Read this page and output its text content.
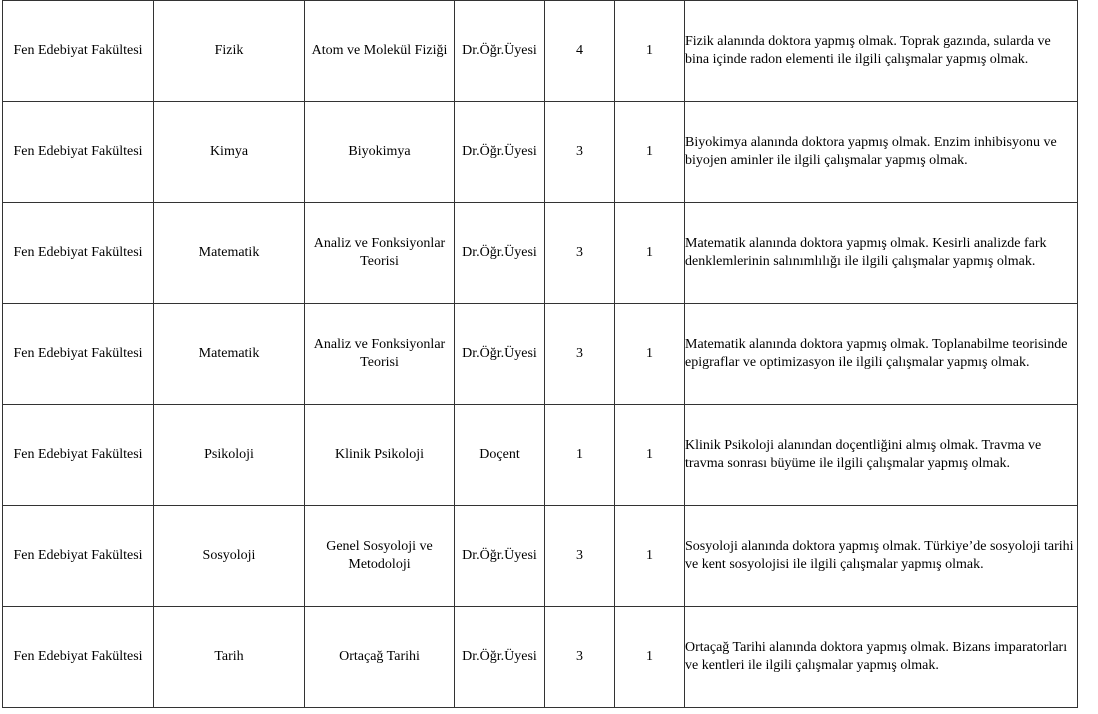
Fen Edebiyat Fakültesi	Fizik	Atom ve Molekül Fiziği	Dr.Öğr.Üyesi	4	1	Fizik alanında doktora yapmış olmak. Toprak gazında, sularda ve bina içinde radon elementi ile ilgili çalışmalar yapmış olmak.
Fen Edebiyat Fakültesi	Kimya	Biyokimya	Dr.Öğr.Üyesi	3	1	Biyokimya alanında doktora yapmış olmak. Enzim inhibisyonu ve biyojen aminler ile ilgili çalışmalar yapmış olmak.
Fen Edebiyat Fakültesi	Matematik	Analiz ve Fonksiyonlar Teorisi	Dr.Öğr.Üyesi	3	1	Matematik alanında doktora yapmış olmak. Kesirli analizde fark denklemlerinin salınımlılığı ile ilgili çalışmalar yapmış olmak.
Fen Edebiyat Fakültesi	Matematik	Analiz ve Fonksiyonlar Teorisi	Dr.Öğr.Üyesi	3	1	Matematik alanında doktora yapmış olmak. Toplanabilme teorisinde epigraflar ve optimizasyon ile ilgili çalışmalar yapmış olmak.
Fen Edebiyat Fakültesi	Psikoloji	Klinik Psikoloji	Doçent	1	1	Klinik Psikoloji alanından doçentliğini almış olmak. Travma ve travma sonrası büyüme ile ilgili çalışmalar yapmış olmak.
Fen Edebiyat Fakültesi	Sosyoloji	Genel Sosyoloji ve Metodoloji	Dr.Öğr.Üyesi	3	1	Sosyoloji alanında doktora yapmış olmak. Türkiye’de sosyoloji tarihi ve kent sosyolojisi ile ilgili çalışmalar yapmış olmak.
Fen Edebiyat Fakültesi	Tarih	Ortaçağ Tarihi	Dr.Öğr.Üyesi	3	1	Ortaçağ Tarihi alanında doktora yapmış olmak. Bizans imparatorları ve kentleri ile ilgili çalışmalar yapmış olmak.
